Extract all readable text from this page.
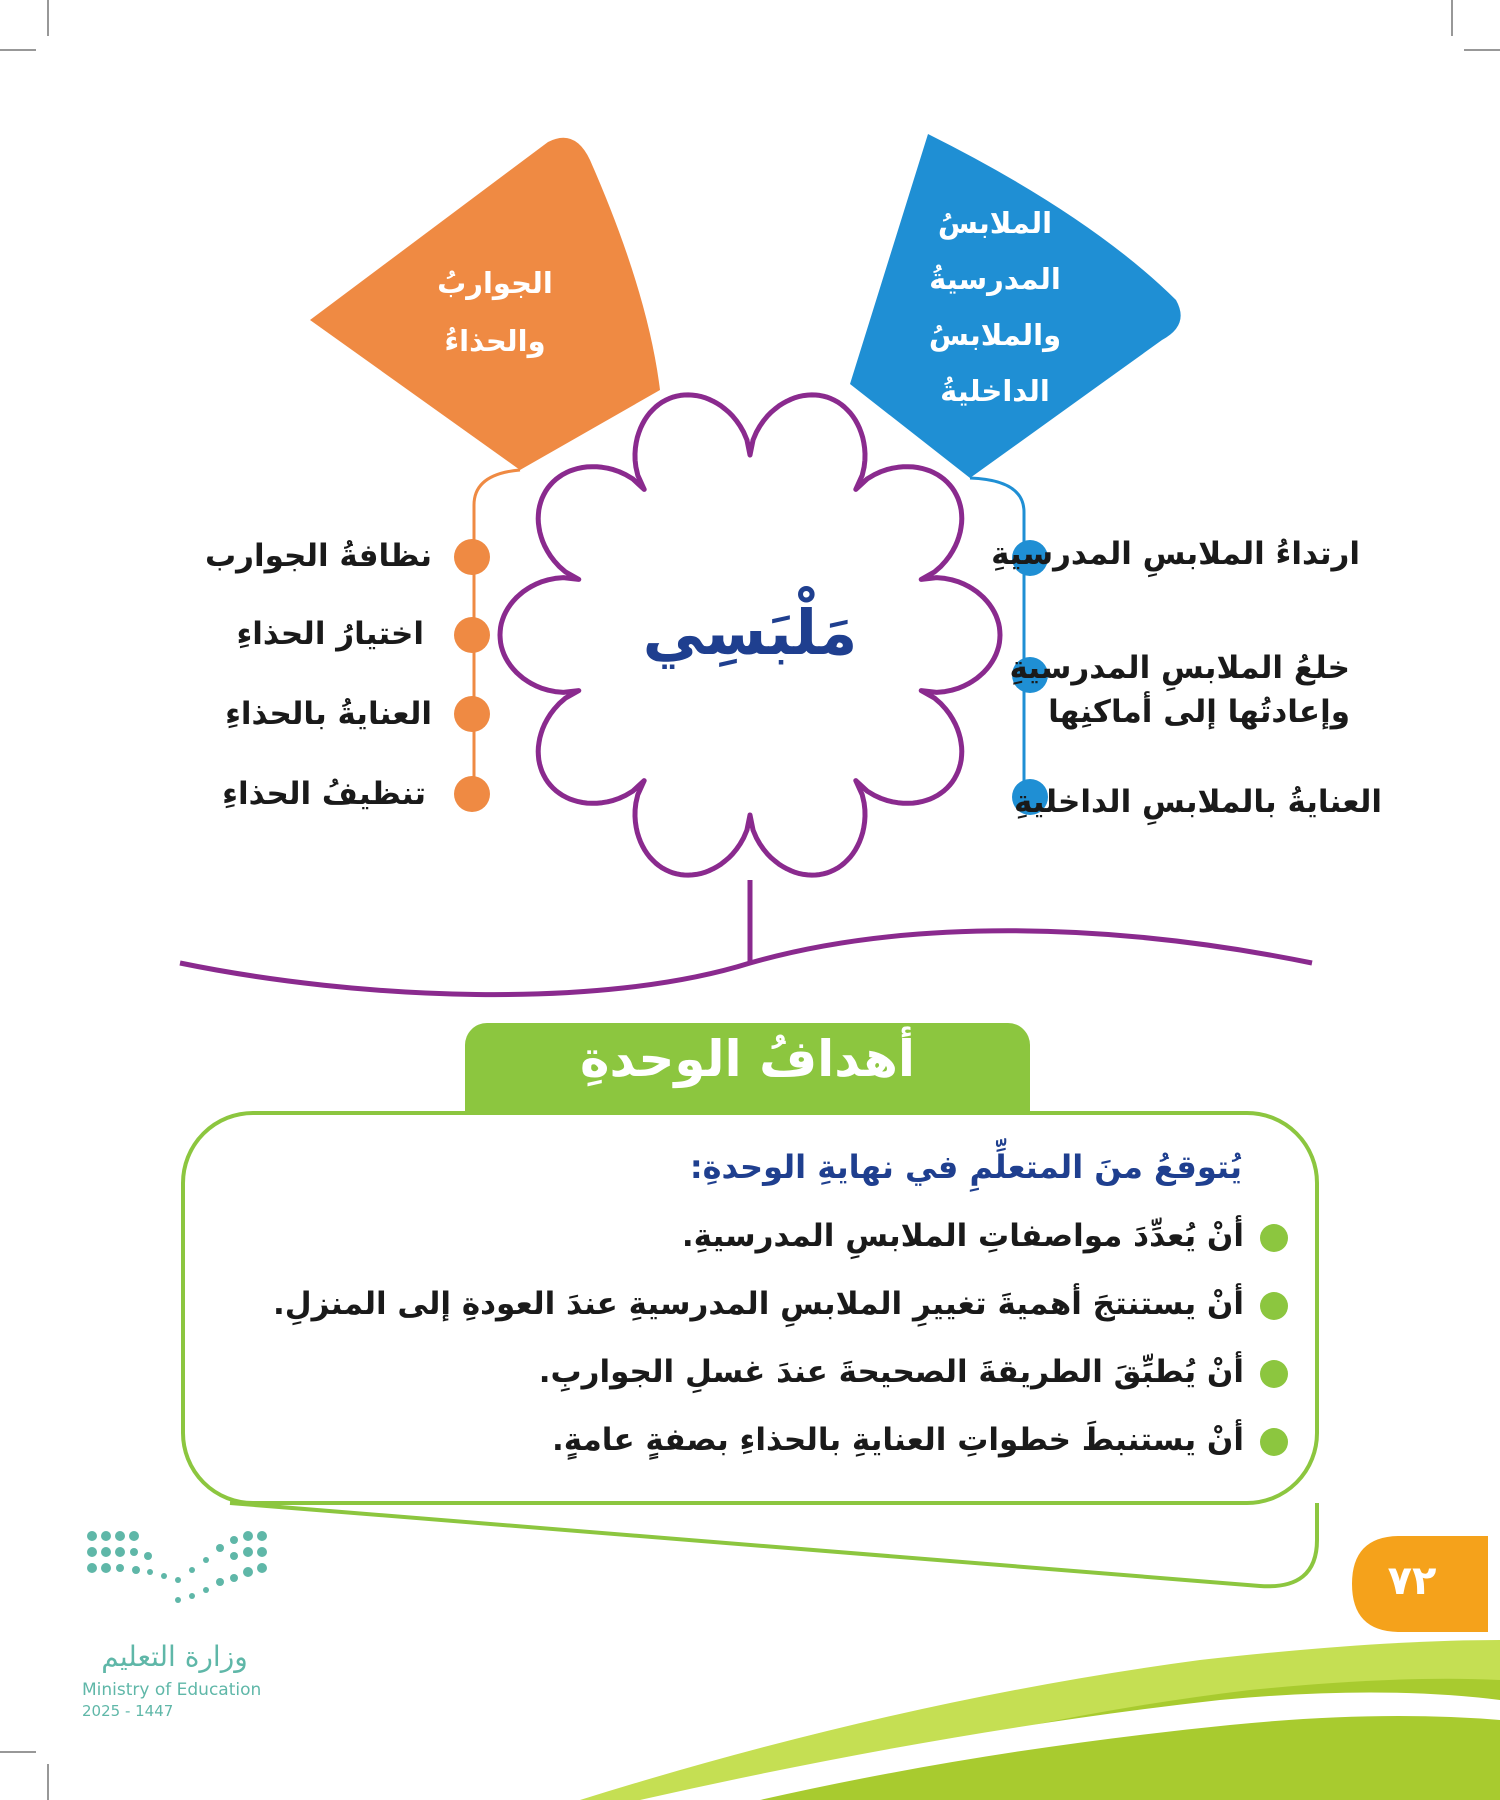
الجواربُ
والحذاءُ
الملابسُ
المدرسيةُ
والملابسُ
الداخليةُ
مَلْبَسِي
نظافةُ الجوارب
اختيارُ الحذاءِ
العنايةُ بالحذاءِ
تنظيفُ الحذاءِ
ارتداءُ الملابسِ المدرسيةِ
خلعُ الملابسِ المدرسيةِ
وإعادتُها إلى أماكنِها
العنايةُ بالملابسِ الداخليةِ
أهدافُ الوحدةِ
يُتوقعُ منَ المتعلِّمِ في نهايةِ الوحدةِ:
أنْ يُعدِّدَ مواصفاتِ الملابسِ المدرسيةِ.
أنْ يستنتجَ أهميةَ تغييرِ الملابسِ المدرسيةِ عندَ العودةِ إلى المنزلِ.
أنْ يُطبِّقَ الطريقةَ الصحيحةَ عندَ غسلِ الجواربِ.
أنْ يستنبطَ خطواتِ العنايةِ بالحذاءِ بصفةٍ عامةٍ.
٧٢
وزارة التعليم
Ministry of Education
2025 - 1447
